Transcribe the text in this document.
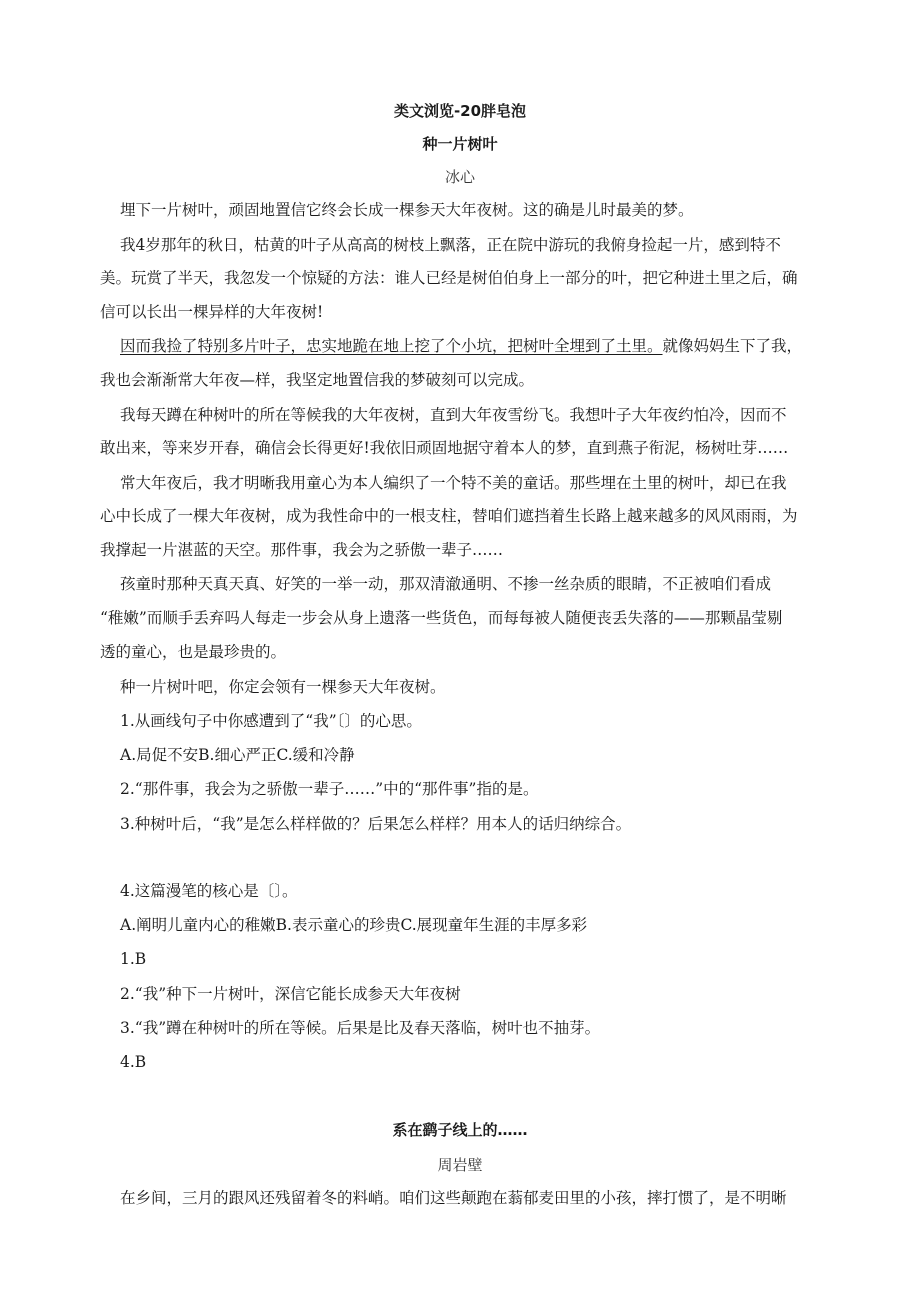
类文浏览-20胖皂泡
种一片树叶
冰心
埋下一片树叶，顽固地置信它终会长成一棵参天大年夜树。这的确是儿时最美的梦。
我4岁那年的秋日，枯黄的叶子从高高的树枝上飘落，正在院中游玩的我俯身捡起一片，感到特不
美。玩赏了半天，我忽发一个惊疑的方法：谁人已经是树伯伯身上一部分的叶，把它种进土里之后，确
信可以长出一棵异样的大年夜树!
因而我捡了特别多片叶子，忠实地跪在地上挖了个小坑，把树叶全埋到了土里。就像妈妈生下了我，
我也会渐渐常大年夜—样，我坚定地置信我的梦破刻可以完成。
我每天蹲在种树叶的所在等候我的大年夜树，直到大年夜雪纷飞。我想叶子大年夜约怕冷，因而不
敢出来，等来岁开春，确信会长得更好!我依旧顽固地据守着本人的梦，直到燕子衔泥，杨树吐芽……
常大年夜后，我才明晰我用童心为本人编织了一个特不美的童话。那些埋在土里的树叶，却已在我
心中长成了一棵大年夜树，成为我性命中的一根支柱，替咱们遮挡着生长路上越来越多的风风雨雨，为
我撑起一片湛蓝的天空。那件事，我会为之骄傲一辈子……
孩童时那种天真天真、好笑的一举一动，那双清澈通明、不掺一丝杂质的眼睛，不正被咱们看成
“稚嫩”而顺手丢弃吗人每走一步会从身上遗落一些货色，而每每被人随便丧丢失落的——那颗晶莹剔
透的童心，也是最珍贵的。
种一片树叶吧，你定会领有一棵参天大年夜树。
1.从画线句子中你感遭到了“我”〔〕的心思。
A.局促不安B.细心严正C.缓和冷静
2.“那件事，我会为之骄傲一辈子……”中的“那件事”指的是。
3.种树叶后，“我”是怎么样样做的？后果怎么样样？用本人的话归纳综合。
4.这篇漫笔的核心是〔〕。
A.阐明儿童内心的稚嫩B.表示童心的珍贵C.展现童年生涯的丰厚多彩
1.B
2.“我”种下一片树叶，深信它能长成参天大年夜树
3.“我”蹲在种树叶的所在等候。后果是比及春天落临，树叶也不抽芽。
4.B
系在鹞子线上的……
周岩壁
在乡间，三月的跟风还残留着冬的料峭。咱们这些颠跑在蓊郁麦田里的小孩，摔打惯了，是不明晰
